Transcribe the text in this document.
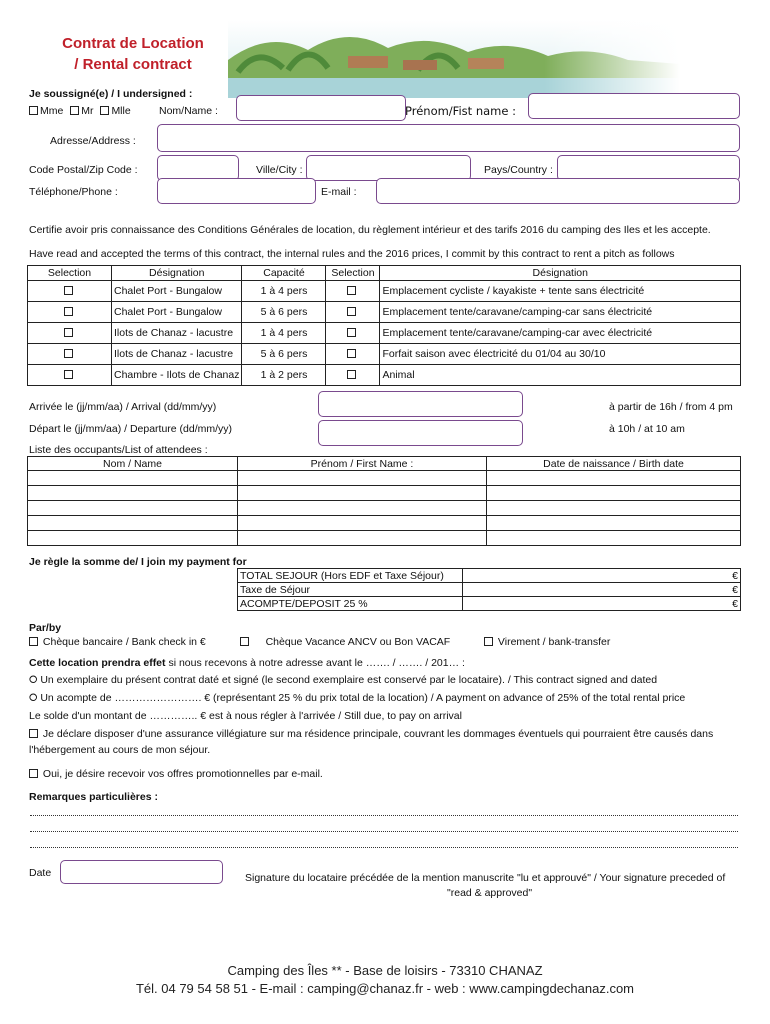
Contrat de Location
/ Rental contract
Je soussigné(e) / I undersigned :
Mme Mr Mlle	Nom/Name :	Prénom/Fist name :
Adresse/Address :
Code Postal/Zip Code :	Ville/City :	Pays/Country :
Téléphone/Phone :	E-mail :
Certifie avoir pris connaissance des Conditions Générales de location, du règlement intérieur et des tarifs 2016 du camping des Iles et les accepte.
Have read and accepted the terms of this contract, the internal rules and the 2016 prices, I commit by this contract to rent a pitch as follows
Selection	Désignation	Capacité	Selection	Désignation
	Chalet Port - Bungalow	1 à 4 pers		Emplacement cycliste / kayakiste + tente sans électricité
	Chalet Port - Bungalow	5 à 6 pers		Emplacement tente/caravane/camping-car sans électricité
	Ilots de Chanaz - lacustre	1 à 4 pers		Emplacement tente/caravane/camping-car avec électricité
	Ilots de Chanaz - lacustre	5 à 6 pers		Forfait saison avec électricité du 01/04 au 30/10
	Chambre - Ilots de Chanaz	1 à 2 pers		Animal
Arrivée le (jj/mm/aa) / Arrival (dd/mm/yy)	à partir de 16h / from 4 pm
Départ le (jj/mm/aa) / Departure (dd/mm/yy)	à 10h / at 10 am
Liste des occupants/List of attendees :
Nom / Name	Prénom / First Name :	Date de naissance / Birth date

Je règle la somme de/ I join my payment for
TOTAL SEJOUR (Hors EDF et Taxe Séjour)	€
Taxe de Séjour	€
ACOMPTE/DEPOSIT 25 %	€
Par/by
Chèque bancaire / Bank check in €	Chèque Vacance ANCV ou Bon VACAF	Virement / bank-transfer
Cette location prendra effet si nous recevons à notre adresse avant le ……. / ……. / 201… :
⭘ Un exemplaire du présent contrat daté et signé (le second exemplaire est conservé par le locataire). / This contract signed and dated
⭘ Un acompte de ……………………. € (représentant 25 % du prix total de la location) / A payment on advance of 25% of the total rental price
Le solde d'un montant de ………….. € est à nous régler à l'arrivée / Still due, to pay on arrival
Je déclare disposer d'une assurance villégiature sur ma résidence principale, couvrant les dommages éventuels qui pourraient être causés dans
l'hébergement au cours de mon séjour.
Oui, je désire recevoir vos offres promotionnelles par e-mail.
Remarques particulières :
Date	Signature du locataire précédée de la mention manuscrite "lu et approuvé" / Your signature preceded of
"read & approved"
Camping des Îles ** - Base de loisirs - 73310 CHANAZ
Tél. 04 79 54 58 51 - E-mail : camping@chanaz.fr - web : www.campingdechanaz.com
